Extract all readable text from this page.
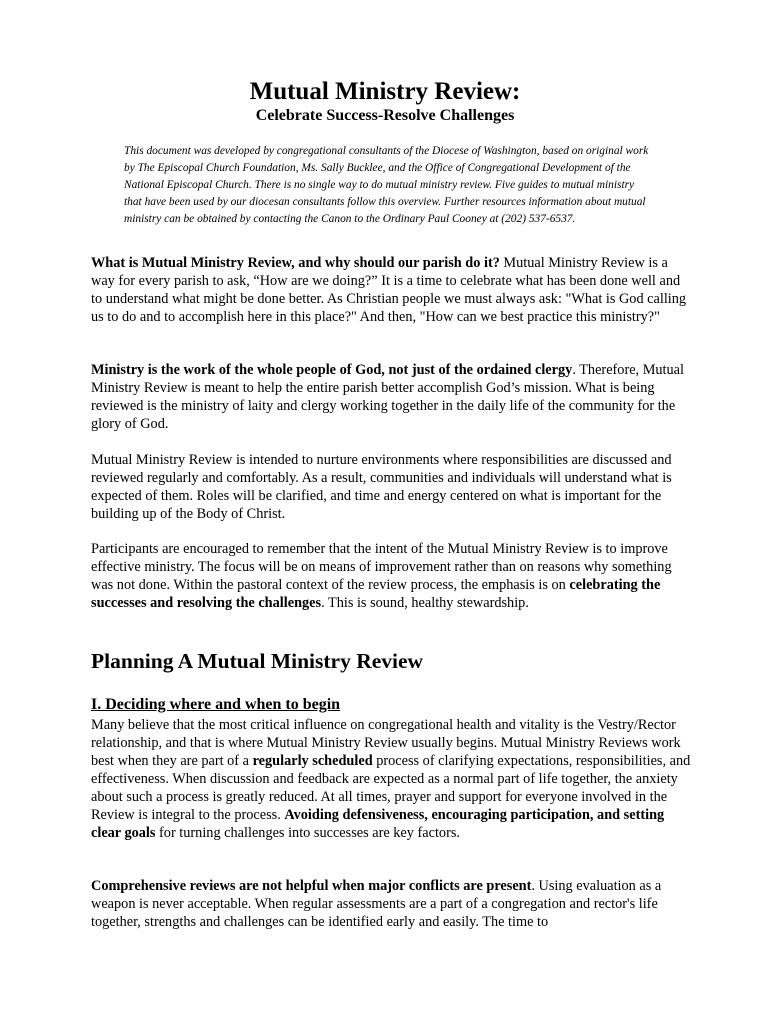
Mutual Ministry Review:
Celebrate Success-Resolve Challenges

This document was developed by congregational consultants of the Diocese of Washington, based on original work by The Episcopal Church Foundation, Ms. Sally Bucklee, and the Office of Congregational Development of the National Episcopal Church. There is no single way to do mutual ministry review. Five guides to mutual ministry that have been used by our diocesan consultants follow this overview. Further resources information about mutual ministry can be obtained by contacting the Canon to the Ordinary Paul Cooney at (202) 537-6537.

What is Mutual Ministry Review, and why should our parish do it? Mutual Ministry Review is a way for every parish to ask, “How are we doing?” It is a time to celebrate what has been done well and to understand what might be done better. As Christian people we must always ask: "What is God calling us to do and to accomplish here in this place?" And then, "How can we best practice this ministry?"

Ministry is the work of the whole people of God, not just of the ordained clergy. Therefore, Mutual Ministry Review is meant to help the entire parish better accomplish God’s mission. What is being reviewed is the ministry of laity and clergy working together in the daily life of the community for the glory of God.

Mutual Ministry Review is intended to nurture environments where responsibilities are discussed and reviewed regularly and comfortably. As a result, communities and individuals will understand what is expected of them. Roles will be clarified, and time and energy centered on what is important for the building up of the Body of Christ.

Participants are encouraged to remember that the intent of the Mutual Ministry Review is to improve effective ministry. The focus will be on means of improvement rather than on reasons why something was not done. Within the pastoral context of the review process, the emphasis is on celebrating the successes and resolving the challenges. This is sound, healthy stewardship.

Planning A Mutual Ministry Review
I. Deciding where and when to begin

Many believe that the most critical influence on congregational health and vitality is the Vestry/Rector relationship, and that is where Mutual Ministry Review usually begins. Mutual Ministry Reviews work best when they are part of a regularly scheduled process of clarifying expectations, responsibilities, and effectiveness. When discussion and feedback are expected as a normal part of life together, the anxiety about such a process is greatly reduced. At all times, prayer and support for everyone involved in the Review is integral to the process. Avoiding defensiveness, encouraging participation, and setting clear goals for turning challenges into successes are key factors.

Comprehensive reviews are not helpful when major conflicts are present. Using evaluation as a weapon is never acceptable. When regular assessments are a part of a congregation and rector's life together, strengths and challenges can be identified early and easily. The time to
